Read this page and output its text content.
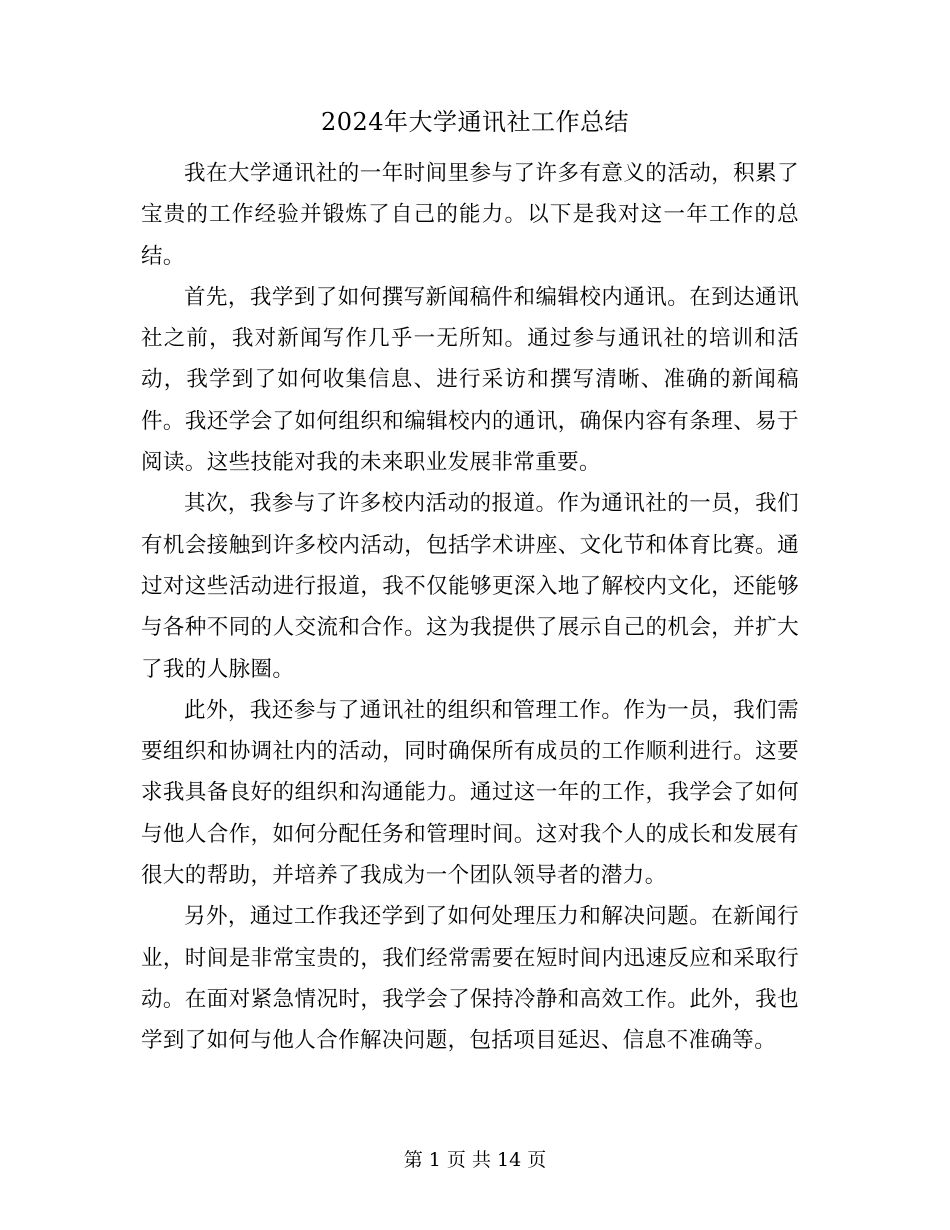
2024年大学通讯社工作总结

我在大学通讯社的一年时间里参与了许多有意义的活动，积累了宝贵的工作经验并锻炼了自己的能力。以下是我对这一年工作的总结。

首先，我学到了如何撰写新闻稿件和编辑校内通讯。在到达通讯社之前，我对新闻写作几乎一无所知。通过参与通讯社的培训和活动，我学到了如何收集信息、进行采访和撰写清晰、准确的新闻稿件。我还学会了如何组织和编辑校内的通讯，确保内容有条理、易于阅读。这些技能对我的未来职业发展非常重要。

其次，我参与了许多校内活动的报道。作为通讯社的一员，我们有机会接触到许多校内活动，包括学术讲座、文化节和体育比赛。通过对这些活动进行报道，我不仅能够更深入地了解校内文化，还能够与各种不同的人交流和合作。这为我提供了展示自己的机会，并扩大了我的人脉圈。

此外，我还参与了通讯社的组织和管理工作。作为一员，我们需要组织和协调社内的活动，同时确保所有成员的工作顺利进行。这要求我具备良好的组织和沟通能力。通过这一年的工作，我学会了如何与他人合作，如何分配任务和管理时间。这对我个人的成长和发展有很大的帮助，并培养了我成为一个团队领导者的潜力。

另外，通过工作我还学到了如何处理压力和解决问题。在新闻行业，时间是非常宝贵的，我们经常需要在短时间内迅速反应和采取行动。在面对紧急情况时，我学会了保持冷静和高效工作。此外，我也学到了如何与他人合作解决问题，包括项目延迟、信息不准确等。

第 1 页 共 14 页
